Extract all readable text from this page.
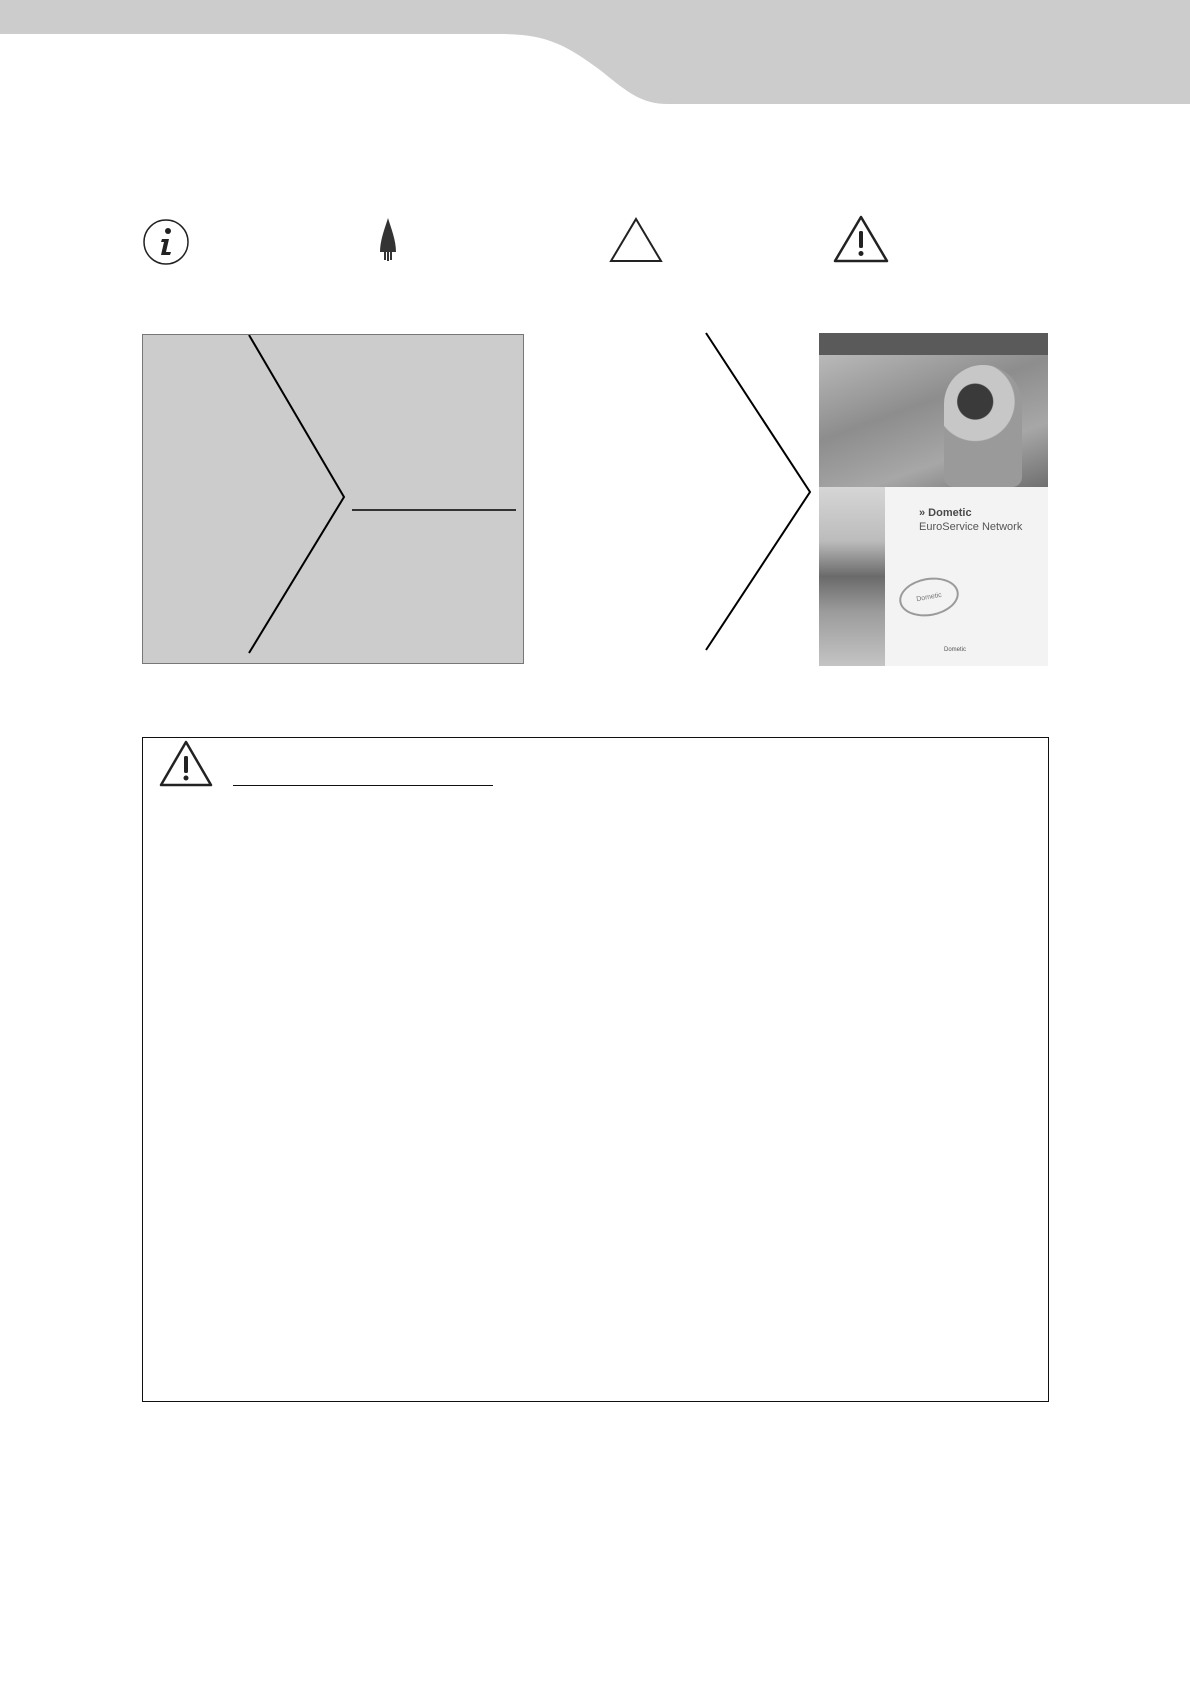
» Dometic
EuroService Network
Dometic
Dometic
